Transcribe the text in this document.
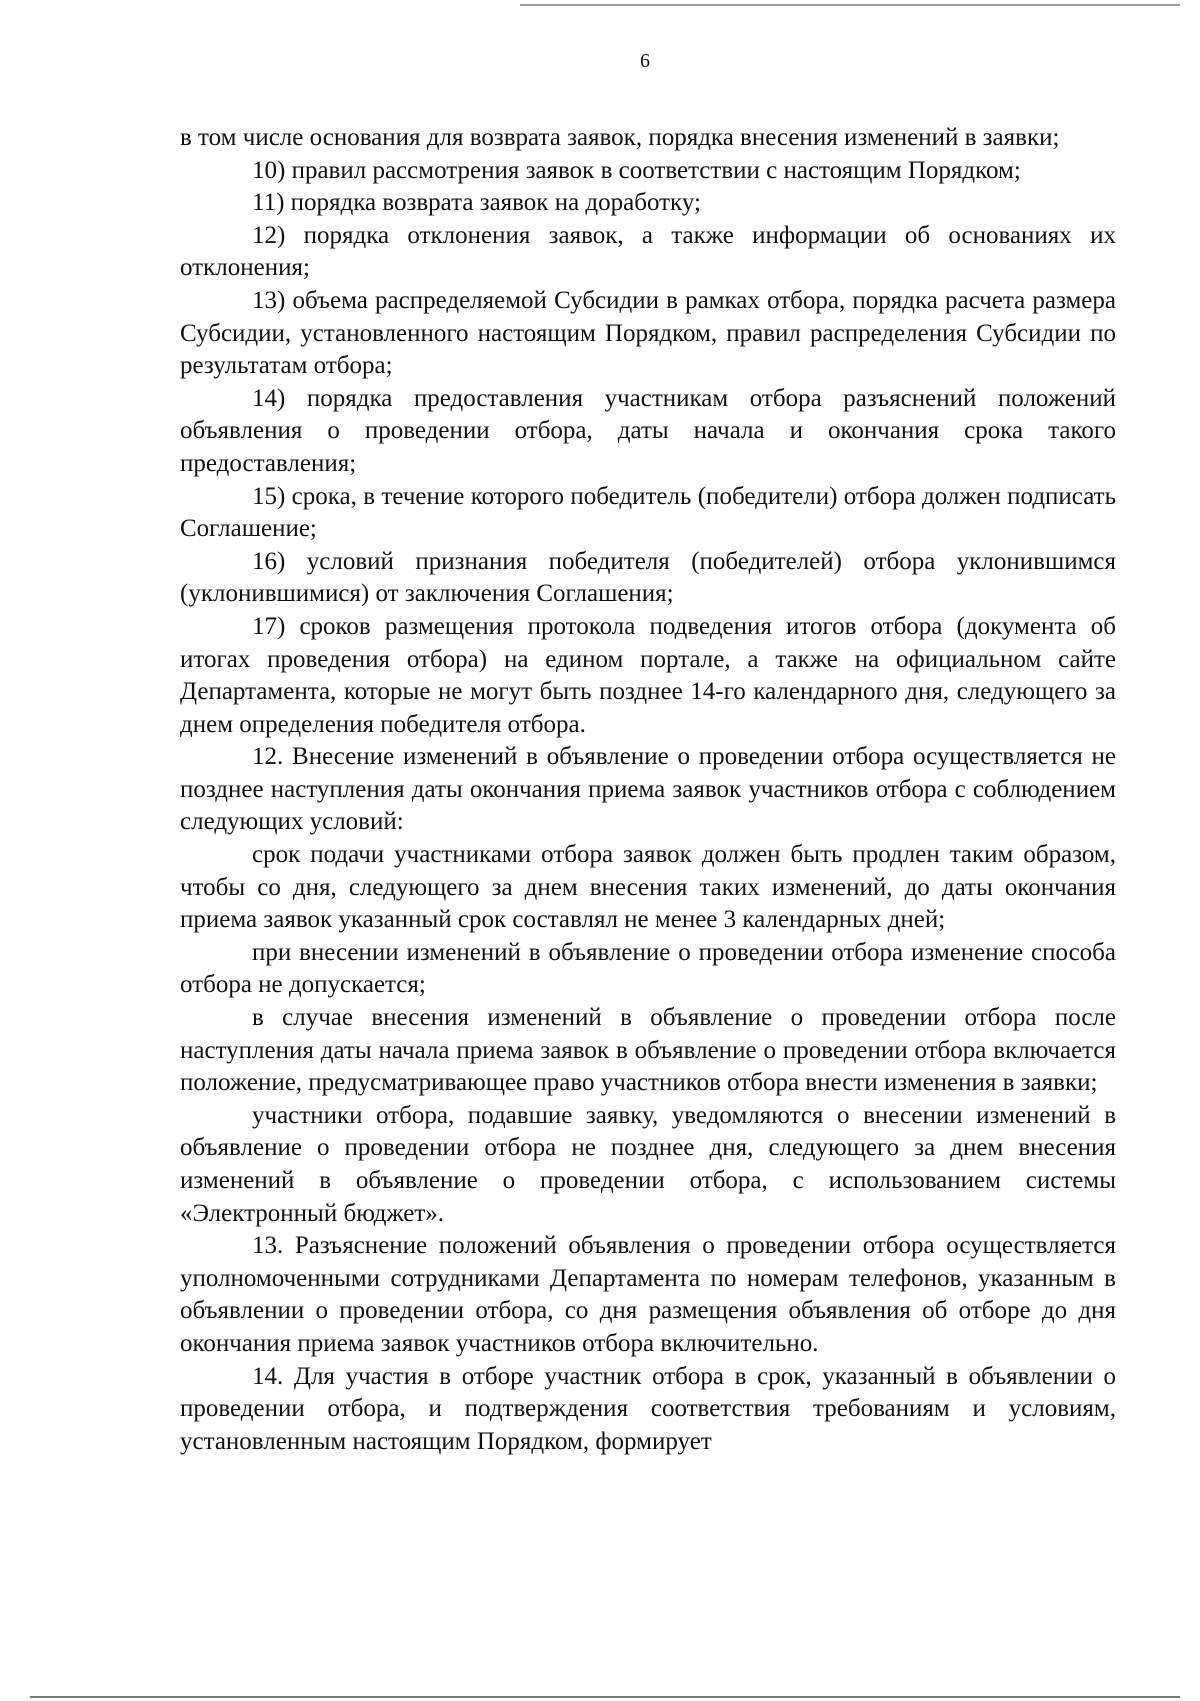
6

в том числе основания для возврата заявок, порядка внесения изменений в заявки;

10) правил рассмотрения заявок в соответствии с настоящим Порядком;

11) порядка возврата заявок на доработку;

12) порядка отклонения заявок, а также информации об основаниях их отклонения;

13) объема распределяемой Субсидии в рамках отбора, порядка расчета размера Субсидии, установленного настоящим Порядком, правил распределения Субсидии по результатам отбора;

14) порядка предоставления участникам отбора разъяснений положений объявления о проведении отбора, даты начала и окончания срока такого предоставления;

15) срока, в течение которого победитель (победители) отбора должен подписать Соглашение;

16) условий признания победителя (победителей) отбора уклонившимся (уклонившимися) от заключения Соглашения;

17) сроков размещения протокола подведения итогов отбора (документа об итогах проведения отбора) на едином портале, а также на официальном сайте Департамента, которые не могут быть позднее 14-го календарного дня, следующего за днем определения победителя отбора.

12. Внесение изменений в объявление о проведении отбора осуществляется не позднее наступления даты окончания приема заявок участников отбора с соблюдением следующих условий:

срок подачи участниками отбора заявок должен быть продлен таким образом, чтобы со дня, следующего за днем внесения таких изменений, до даты окончания приема заявок указанный срок составлял не менее 3 календарных дней;

при внесении изменений в объявление о проведении отбора изменение способа отбора не допускается;

в случае внесения изменений в объявление о проведении отбора после наступления даты начала приема заявок в объявление о проведении отбора включается положение, предусматривающее право участников отбора внести изменения в заявки;

участники отбора, подавшие заявку, уведомляются о внесении изменений в объявление о проведении отбора не позднее дня, следующего за днем внесения изменений в объявление о проведении отбора, с использованием системы «Электронный бюджет».

13. Разъяснение положений объявления о проведении отбора осуществляется уполномоченными сотрудниками Департамента по номерам телефонов, указанным в объявлении о проведении отбора, со дня размещения объявления об отборе до дня окончания приема заявок участников отбора включительно.

14. Для участия в отборе участник отбора в срок, указанный в объявлении о проведении отбора, и подтверждения соответствия требованиям и условиям, установленным настоящим Порядком, формирует
